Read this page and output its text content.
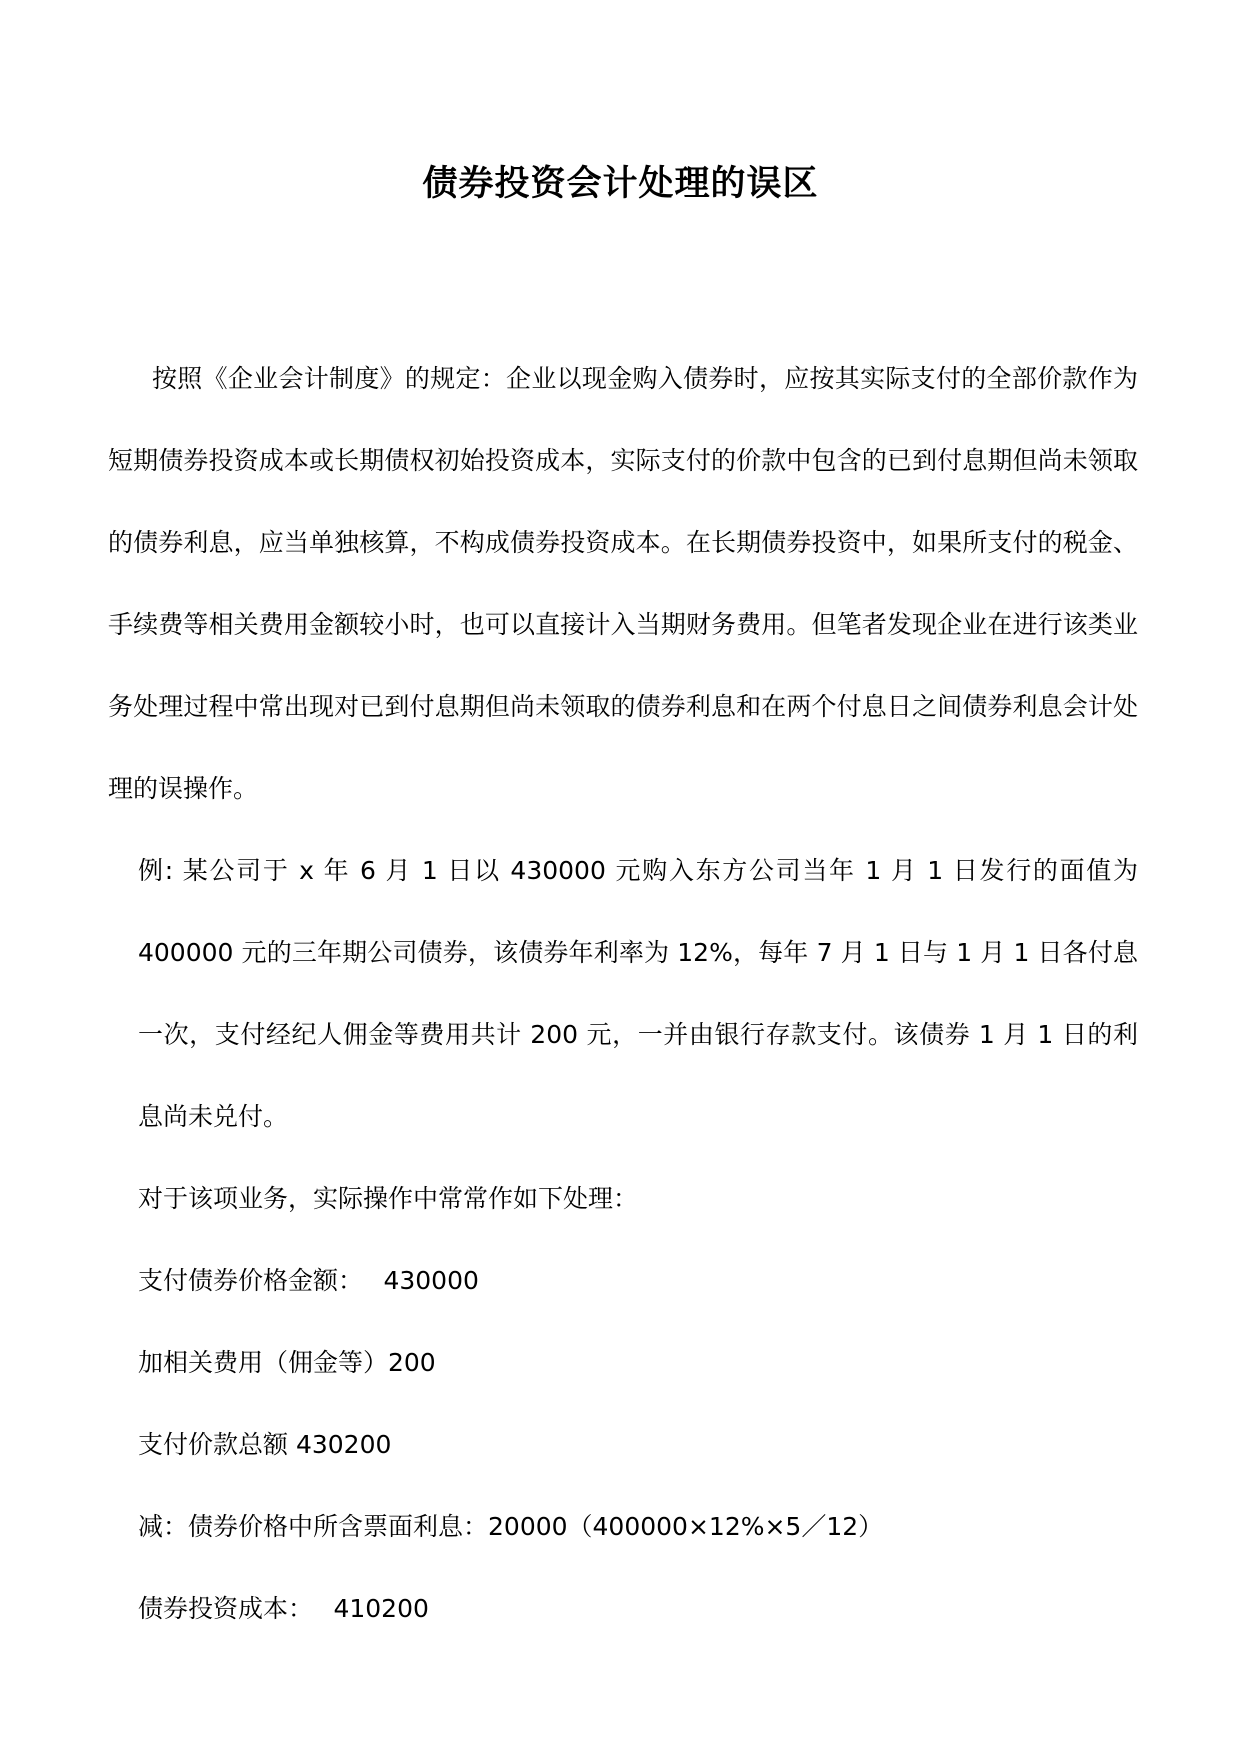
债券投资会计处理的误区

按照《企业会计制度》的规定：企业以现金购入债券时，应按其实际支付的全部价款作为短期债券投资成本或长期债权初始投资成本，实际支付的价款中包含的已到付息期但尚未领取的债券利息，应当单独核算，不构成债券投资成本。在长期债券投资中，如果所支付的税金、手续费等相关费用金额较小时，也可以直接计入当期财务费用。但笔者发现企业在进行该类业务处理过程中常出现对已到付息期但尚未领取的债券利息和在两个付息日之间债券利息会计处理的误操作。

例: 某公司于 x 年 6 月 1 日以 430000 元购入东方公司当年 1 月 1 日发行的面值为 400000 元的三年期公司债券，该债券年利率为 12%，每年 7 月 1 日与 1 月 1 日各付息一次，支付经纪人佣金等费用共计 200 元，一并由银行存款支付。该债券 1 月 1 日的利息尚未兑付。

对于该项业务，实际操作中常常作如下处理：

支付债券价格金额：　 430000

加相关费用（佣金等）200

支付价款总额 430200

减：债券价格中所含票面利息：20000（400000×12%×5／12）

债券投资成本：　 410200
